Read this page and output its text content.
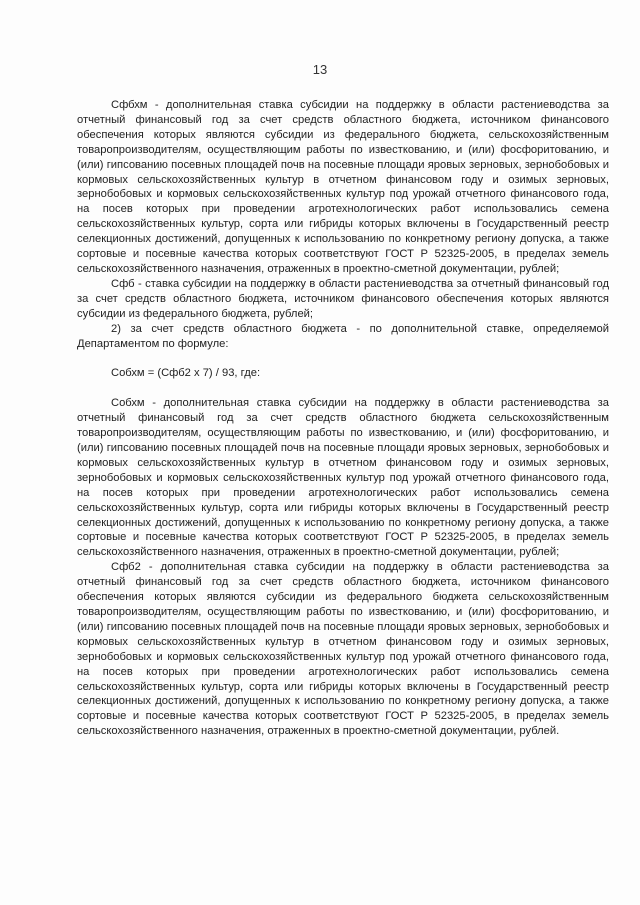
13

Сфбхм - дополнительная ставка субсидии на поддержку в области растениеводства за отчетный финансовый год за счет средств областного бюджета, источником финансового обеспечения которых являются субсидии из федерального бюджета, сельскохозяйственным товаропроизводителям, осуществляющим работы по известкованию, и (или) фосфоритованию, и (или) гипсованию посевных площадей почв на посевные площади яровых зерновых, зернобобовых и кормовых сельскохозяйственных культур в отчетном финансовом году и озимых зерновых, зернобобовых и кормовых сельскохозяйственных культур под урожай отчетного финансового года, на посев которых при проведении агротехнологических работ использовались семена сельскохозяйственных культур, сорта или гибриды которых включены в Государственный реестр селекционных достижений, допущенных к использованию по конкретному региону допуска, а также сортовые и посевные качества которых соответствуют ГОСТ Р 52325-2005, в пределах земель сельскохозяйственного назначения, отраженных в проектно-сметной документации, рублей;

Сфб - ставка субсидии на поддержку в области растениеводства за отчетный финансовый год за счет средств областного бюджета, источником финансового обеспечения которых являются субсидии из федерального бюджета, рублей;

2) за счет средств областного бюджета - по дополнительной ставке, определяемой Департаментом по формуле:

Собхм = (Сфб2 x 7) / 93, где:

Собхм - дополнительная ставка субсидии на поддержку в области растениеводства за отчетный финансовый год за счет средств областного бюджета сельскохозяйственным товаропроизводителям, осуществляющим работы по известкованию, и (или) фосфоритованию, и (или) гипсованию посевных площадей почв на посевные площади яровых зерновых, зернобобовых и кормовых сельскохозяйственных культур в отчетном финансовом году и озимых зерновых, зернобобовых и кормовых сельскохозяйственных культур под урожай отчетного финансового года, на посев которых при проведении агротехнологических работ использовались семена сельскохозяйственных культур, сорта или гибриды которых включены в Государственный реестр селекционных достижений, допущенных к использованию по конкретному региону допуска, а также сортовые и посевные качества которых соответствуют ГОСТ Р 52325-2005, в пределах земель сельскохозяйственного назначения, отраженных в проектно-сметной документации, рублей;

Сфб2 - дополнительная ставка субсидии на поддержку в области растениеводства за отчетный финансовый год за счет средств областного бюджета, источником финансового обеспечения которых являются субсидии из федерального бюджета сельскохозяйственным товаропроизводителям, осуществляющим работы по известкованию, и (или) фосфоритованию, и (или) гипсованию посевных площадей почв на посевные площади яровых зерновых, зернобобовых и кормовых сельскохозяйственных культур в отчетном финансовом году и озимых зерновых, зернобобовых и кормовых сельскохозяйственных культур под урожай отчетного финансового года, на посев которых при проведении агротехнологических работ использовались семена сельскохозяйственных культур, сорта или гибриды которых включены в Государственный реестр селекционных достижений, допущенных к использованию по конкретному региону допуска, а также сортовые и посевные качества которых соответствуют ГОСТ Р 52325-2005, в пределах земель сельскохозяйственного назначения, отраженных в проектно-сметной документации, рублей.
